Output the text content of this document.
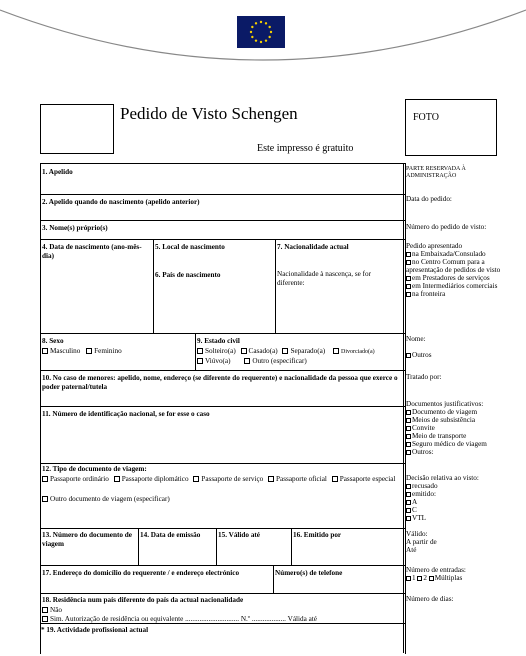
Pedido de Visto Schengen
Este impresso é gratuito
FOTO
1. Apelido
2. Apelido quando do nascimento (apelido anterior)
3. Nome(s) próprio(s)
4. Data de nascimento (ano-mês-dia)
5. Local de nascimento
6. País de nascimento
7. Nacionalidade actual
Nacionalidade à nascença, se for diferente:
8. Sexo
Masculino Feminino
9. Estado civil
Solteiro(a) Casado(a) Separado(a)	Divorciado(a)
Viúvo(a)	Outro (especificar)
10. No caso de menores: apelido, nome, endereço (se diferente do requerente) e nacionalidade da pessoa que exerce o poder paternal/tutela
11. Número de identificação nacional, se for esse o caso
12. Tipo de documento de viagem:
Passaporte ordinário Passaporte diplomático Passaporte de serviço Passaporte oficial Passaporte especial
Outro documento de viagem (especificar)
13. Número do documento de viagem
14. Data de emissão 15. Válido até	16. Emitido por
17. Endereço do domicílio do requerente / e endereço electrónico	Número(s) de telefone
18. Residência num país diferente do país da actual nacionalidade
Não
Sim. Autorização de residência ou equivalente .............................. N.º ................... Válida até
* 19. Actividade profissional actual
PARTE RESERVADA À ADMINISTRAÇÃO
Data do pedido:
Número do pedido de visto:
Pedido apresentado
na Embaixada/Consulado
no Centro Comum para a apresentação de pedidos de visto
em Prestadores de serviços
em Intermediários comerciais
na fronteira
Nome:
Outros
Tratado por:
Documentos justificativos:
Documento de viagem
Meios de subsistência
Convite
Meio de transporte
Seguro médico de viagem
Outros:
Decisão relativa ao visto:
recusado
emitido:
A
C
VTL
Válido:
A partir de
Até
Número de entradas:
1 2 Múltiplas
Número de dias:
